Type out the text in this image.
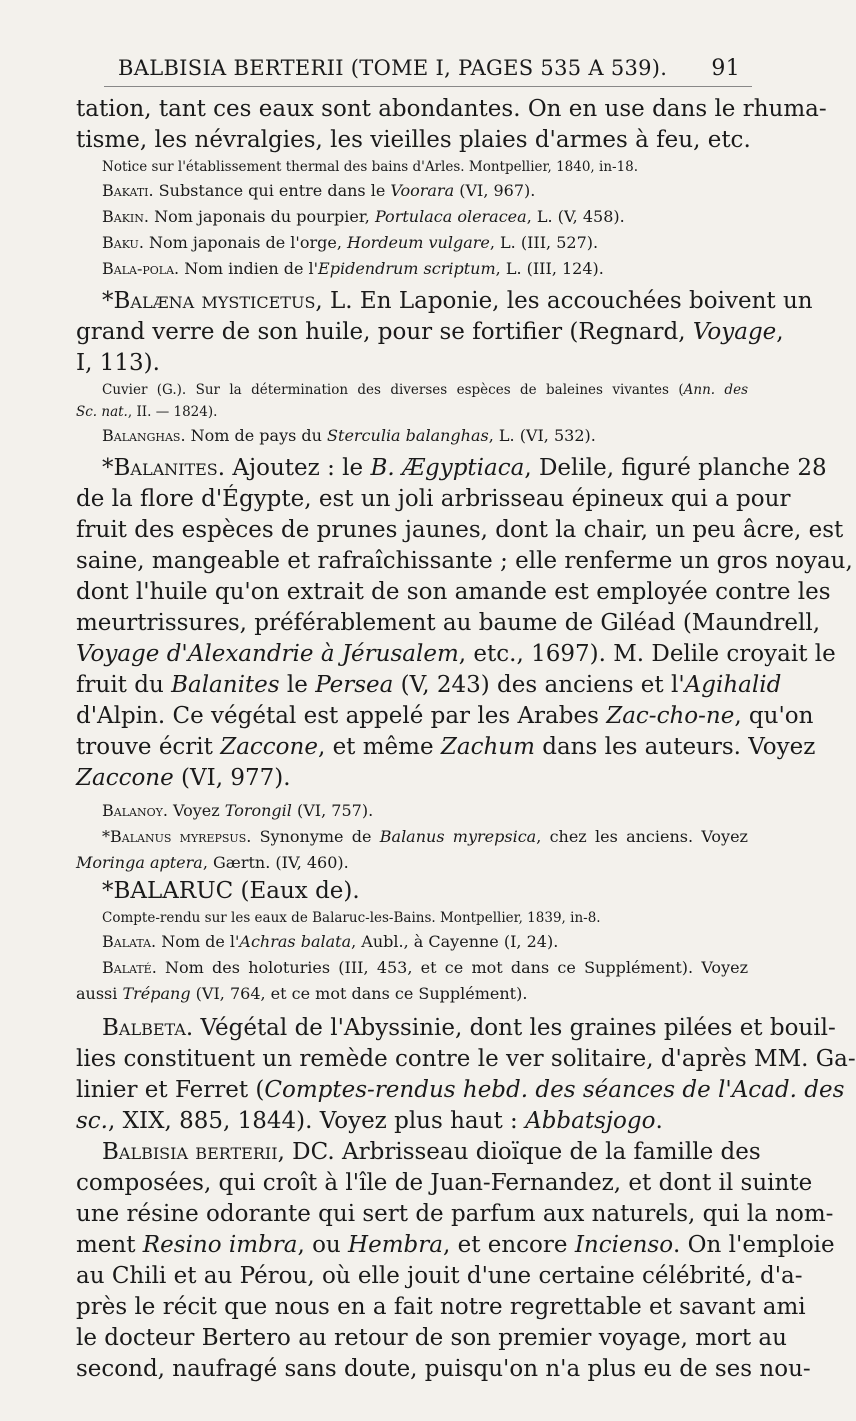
BALBISIA BERTERII (TOME I, PAGES 535 A 539). 91
tation, tant ces eaux sont abondantes. On en use dans le rhuma-
tisme, les névralgies, les vieilles plaies d'armes à feu, etc.
Notice sur l'établissement thermal des bains d'Arles. Montpellier, 1840, in-18.
Bakati. Substance qui entre dans le Voorara (VI, 967).
Bakin. Nom japonais du pourpier, Portulaca oleracea, L. (V, 458).
Baku. Nom japonais de l'orge, Hordeum vulgare, L. (III, 527).
Bala-pola. Nom indien de l'Epidendrum scriptum, L. (III, 124).
*Balæna mysticetus, L. En Laponie, les accouchées boivent un
grand verre de son huile, pour se fortifier (Regnard, Voyage,
I, 113).
Cuvier (G.). Sur la détermination des diverses espèces de baleines vivantes (Ann. des
Sc. nat., II. — 1824).
Balanghas. Nom de pays du Sterculia balanghas, L. (VI, 532).
*Balanites. Ajoutez : le B. Ægyptiaca, Delile, figuré planche 28
de la flore d'Égypte, est un joli arbrisseau épineux qui a pour
fruit des espèces de prunes jaunes, dont la chair, un peu âcre, est
saine, mangeable et rafraîchissante ; elle renferme un gros noyau,
dont l'huile qu'on extrait de son amande est employée contre les
meurtrissures, préférablement au baume de Giléad (Maundrell,
Voyage d'Alexandrie à Jérusalem, etc., 1697). M. Delile croyait le
fruit du Balanites le Persea (V, 243) des anciens et l'Agihalid
d'Alpin. Ce végétal est appelé par les Arabes Zac-cho-ne, qu'on
trouve écrit Zaccone, et même Zachum dans les auteurs. Voyez
Zaccone (VI, 977).
Balanoy. Voyez Torongil (VI, 757).
*Balanus myrepsus. Synonyme de Balanus myrepsica, chez les anciens. Voyez
Moringa aptera, Gærtn. (IV, 460).
*BALARUC (Eaux de).
Compte-rendu sur les eaux de Balaruc-les-Bains. Montpellier, 1839, in-8.
Balata. Nom de l'Achras balata, Aubl., à Cayenne (I, 24).
Balaté. Nom des holoturies (III, 453, et ce mot dans ce Supplément). Voyez
aussi Trépang (VI, 764, et ce mot dans ce Supplément).
Balbeta. Végétal de l'Abyssinie, dont les graines pilées et bouil-
lies constituent un remède contre le ver solitaire, d'après MM. Ga-
linier et Ferret (Comptes-rendus hebd. des séances de l'Acad. des
sc., XIX, 885, 1844). Voyez plus haut : Abbatsjogo.
Balbisia berterii, DC. Arbrisseau dioïque de la famille des
composées, qui croît à l'île de Juan-Fernandez, et dont il suinte
une résine odorante qui sert de parfum aux naturels, qui la nom-
ment Resino imbra, ou Hembra, et encore Incienso. On l'emploie
au Chili et au Pérou, où elle jouit d'une certaine célébrité, d'a-
près le récit que nous en a fait notre regrettable et savant ami
le docteur Bertero au retour de son premier voyage, mort au
second, naufragé sans doute, puisqu'on n'a plus eu de ses nou-
